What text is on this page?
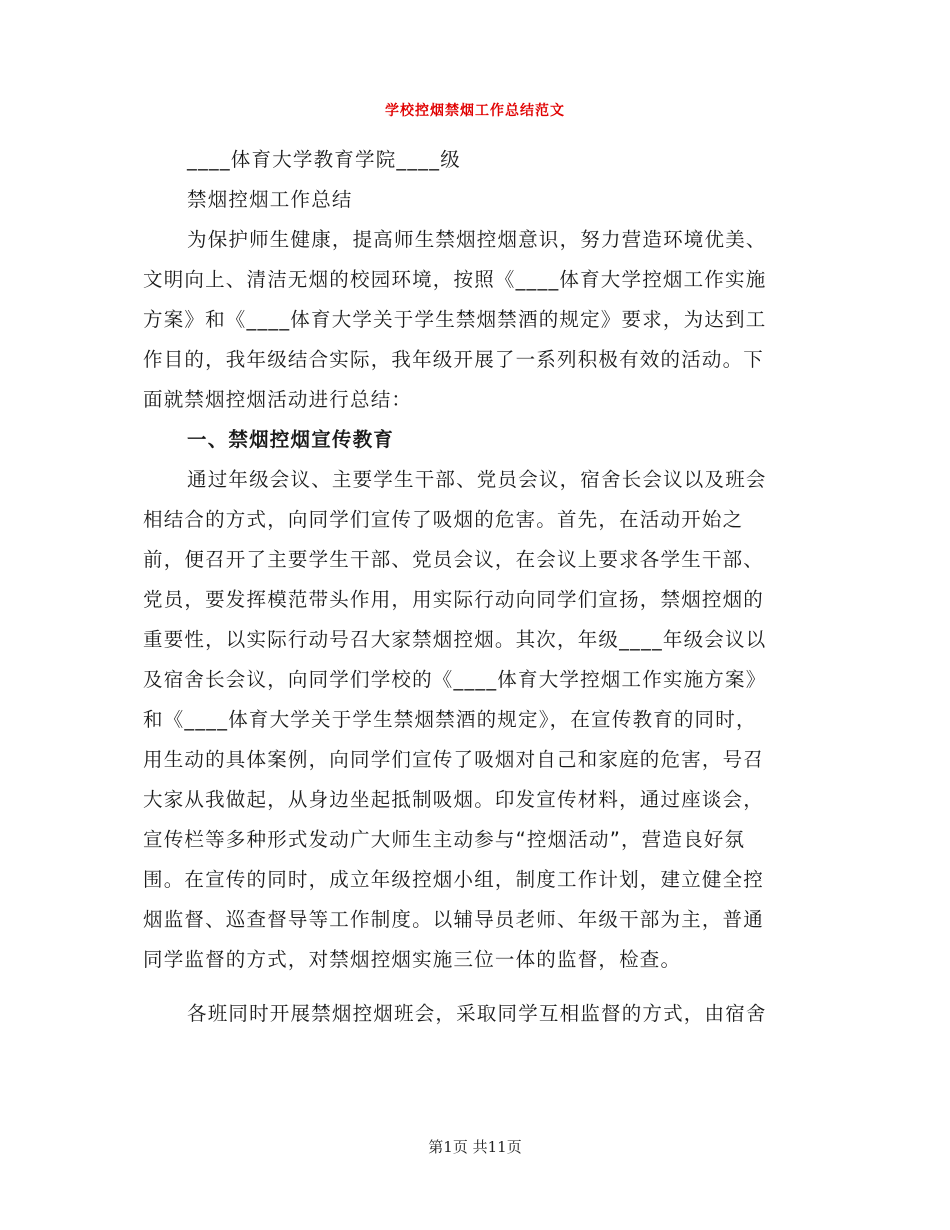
学校控烟禁烟工作总结范文
____体育大学教育学院____级
禁烟控烟工作总结
为保护师生健康，提高师生禁烟控烟意识，努力营造环境优美、
文明向上、清洁无烟的校园环境，按照《____体育大学控烟工作实施
方案》和《____体育大学关于学生禁烟禁酒的规定》要求，为达到工
作目的，我年级结合实际，我年级开展了一系列积极有效的活动。下
面就禁烟控烟活动进行总结：
一、禁烟控烟宣传教育
通过年级会议、主要学生干部、党员会议，宿舍长会议以及班会
相结合的方式，向同学们宣传了吸烟的危害。首先，在活动开始之
前，便召开了主要学生干部、党员会议，在会议上要求各学生干部、
党员，要发挥模范带头作用，用实际行动向同学们宣扬，禁烟控烟的
重要性，以实际行动号召大家禁烟控烟。其次，年级____年级会议以
及宿舍长会议，向同学们学校的《____体育大学控烟工作实施方案》
和《____体育大学关于学生禁烟禁酒的规定》，在宣传教育的同时，
用生动的具体案例，向同学们宣传了吸烟对自己和家庭的危害，号召
大家从我做起，从身边坐起抵制吸烟。印发宣传材料，通过座谈会，
宣传栏等多种形式发动广大师生主动参与“控烟活动”，营造良好氛
围。在宣传的同时，成立年级控烟小组，制度工作计划，建立健全控
烟监督、巡查督导等工作制度。以辅导员老师、年级干部为主，普通
同学监督的方式，对禁烟控烟实施三位一体的监督，检查。
各班同时开展禁烟控烟班会，采取同学互相监督的方式，由宿舍
第1页 共11页
